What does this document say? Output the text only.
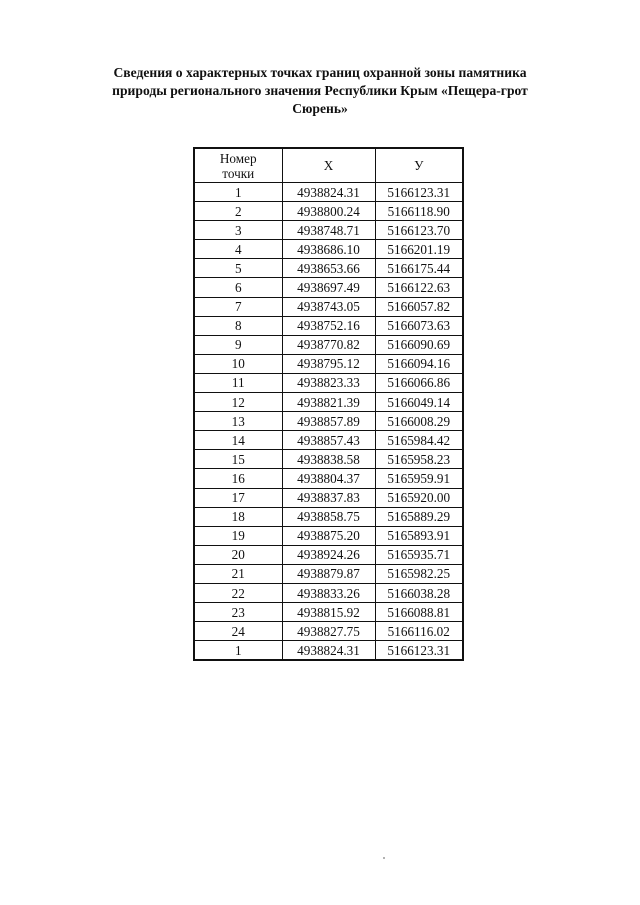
Сведения о характерных точках границ охранной зоны памятника
природы регионального значения Республики Крым «Пещера-грот
Сюрень»
Номер
точки	X	У
1	4938824.31	5166123.31
2	4938800.24	5166118.90
3	4938748.71	5166123.70
4	4938686.10	5166201.19
5	4938653.66	5166175.44
6	4938697.49	5166122.63
7	4938743.05	5166057.82
8	4938752.16	5166073.63
9	4938770.82	5166090.69
10	4938795.12	5166094.16
11	4938823.33	5166066.86
12	4938821.39	5166049.14
13	4938857.89	5166008.29
14	4938857.43	5165984.42
15	4938838.58	5165958.23
16	4938804.37	5165959.91
17	4938837.83	5165920.00
18	4938858.75	5165889.29
19	4938875.20	5165893.91
20	4938924.26	5165935.71
21	4938879.87	5165982.25
22	4938833.26	5166038.28
23	4938815.92	5166088.81
24	4938827.75	5166116.02
1	4938824.31	5166123.31
